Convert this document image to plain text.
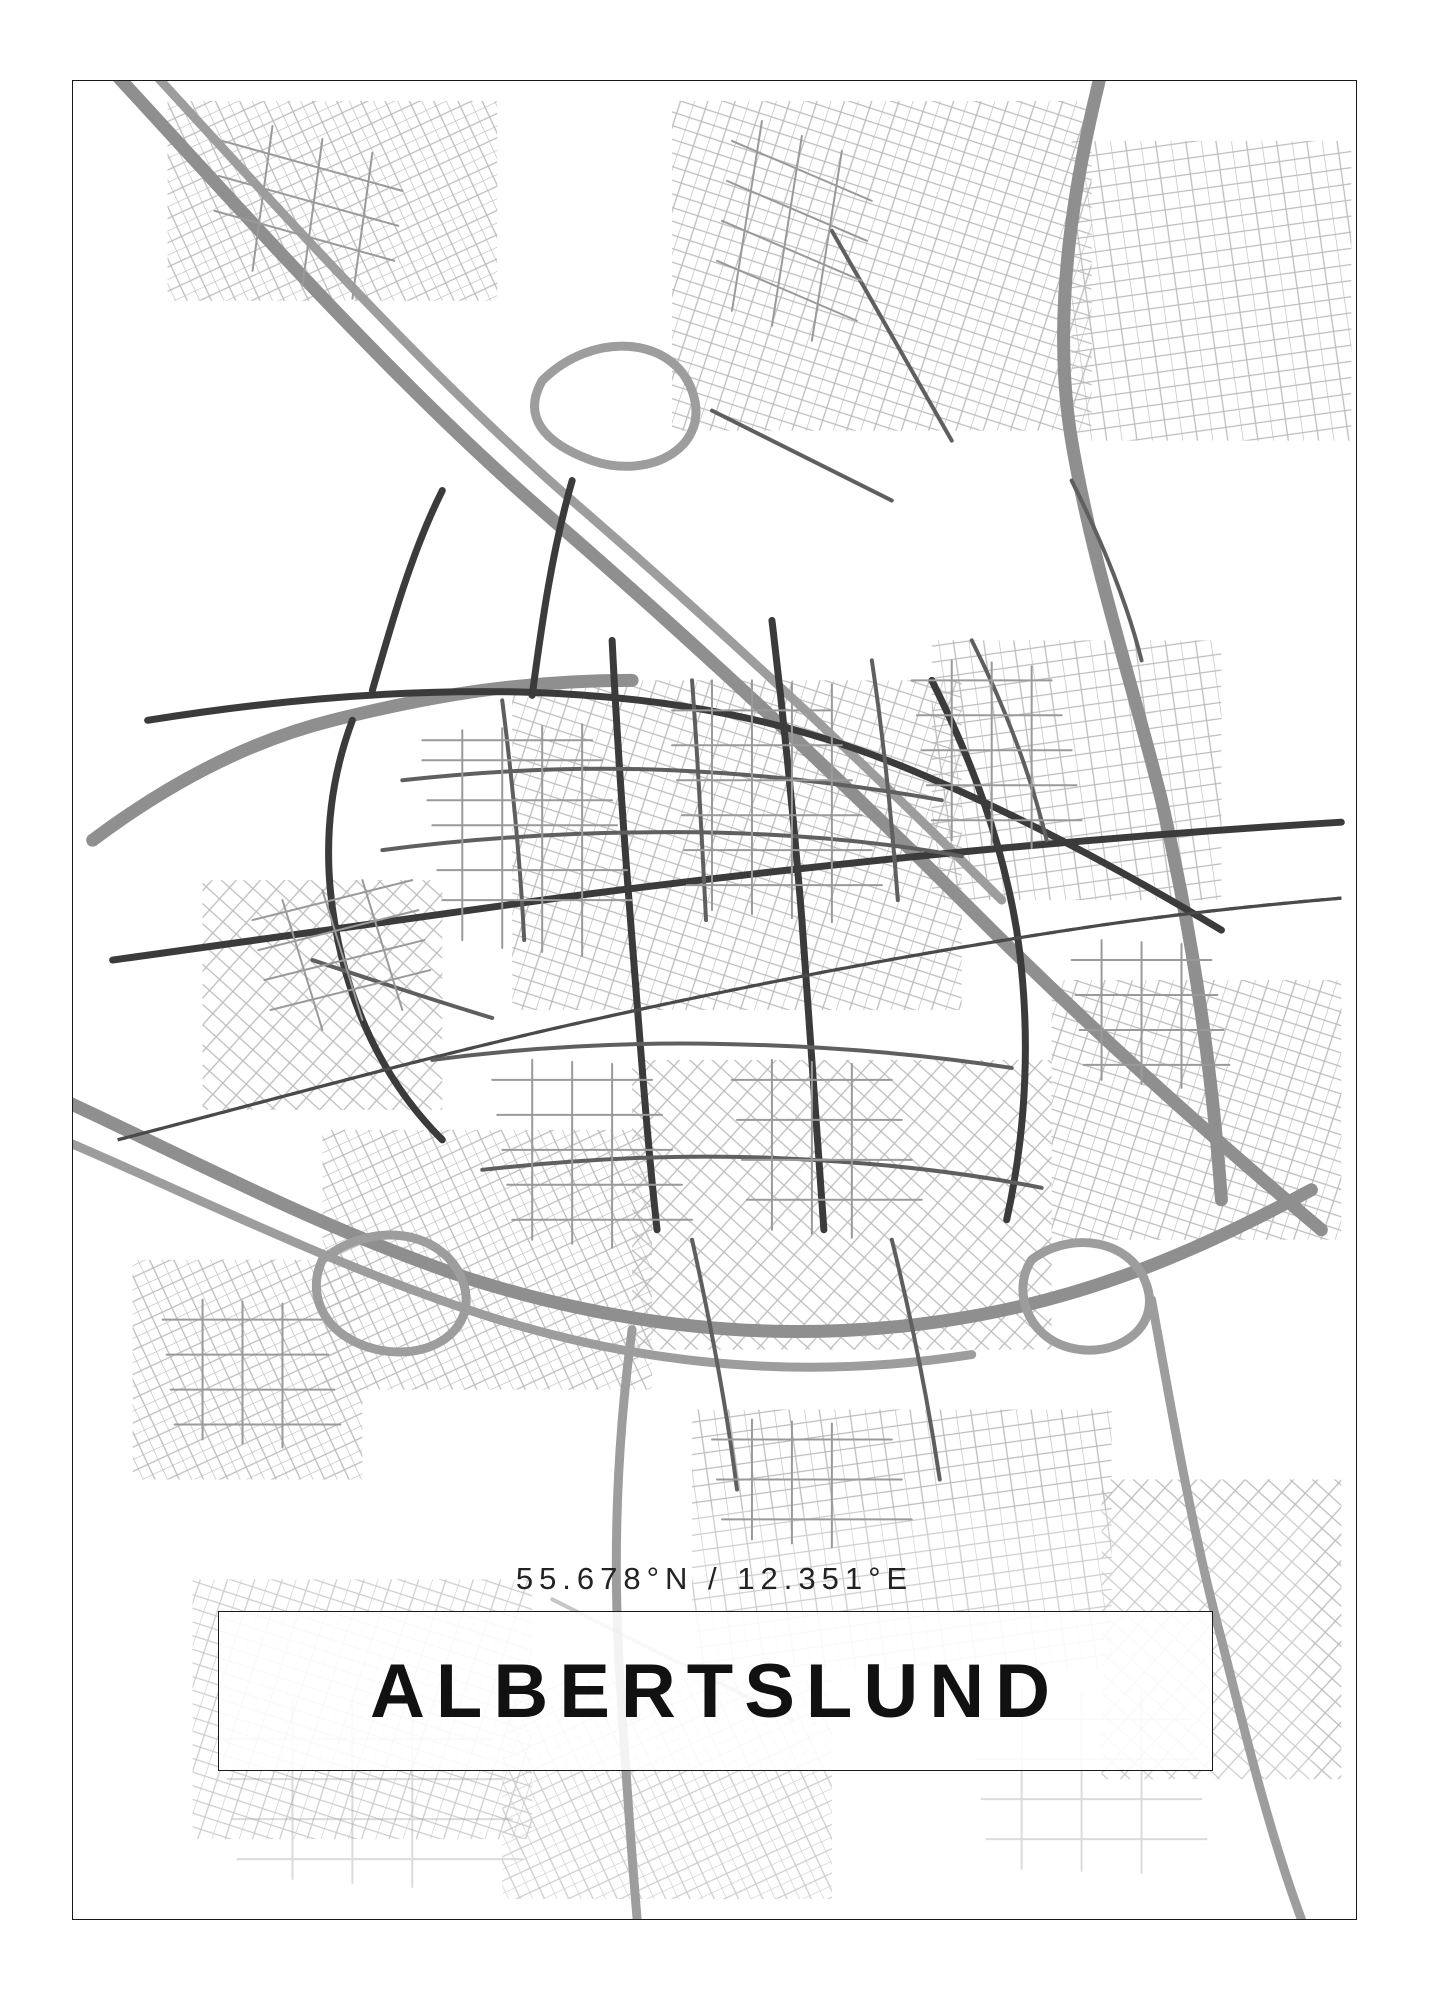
55.678°N / 12.351°E
ALBERTSLUND
